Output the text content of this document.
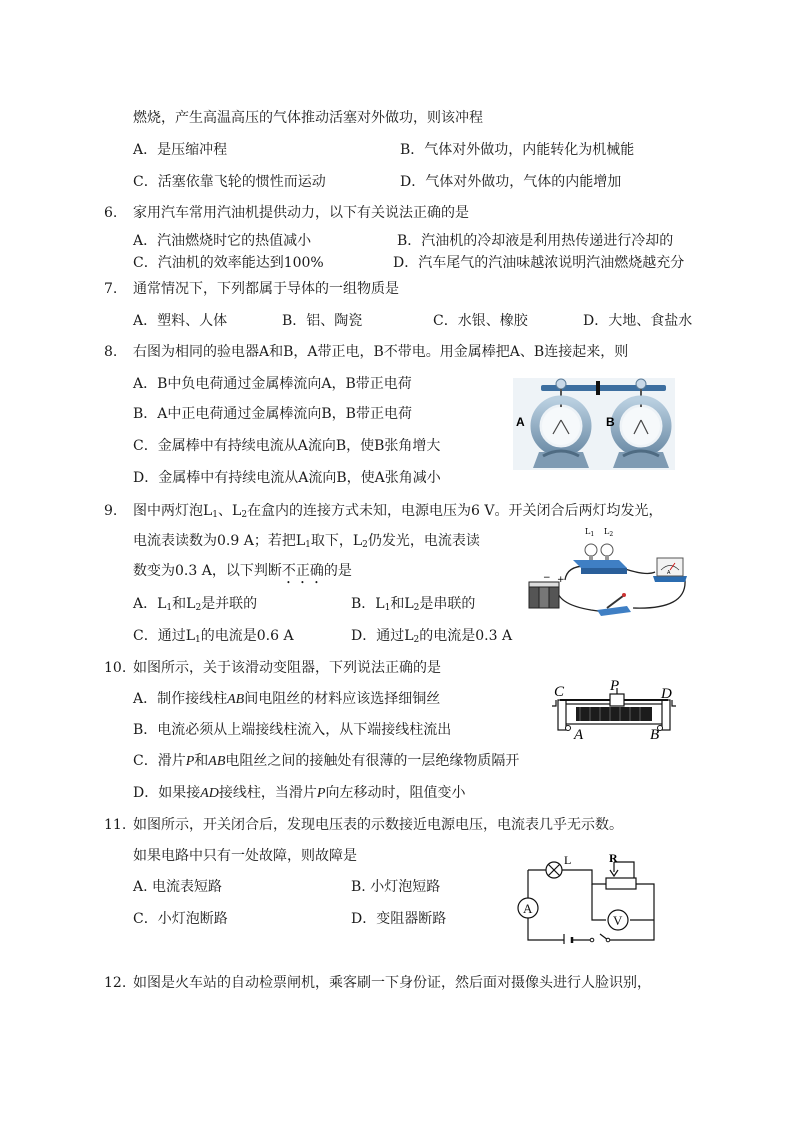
燃烧，产生高温高压的气体推动活塞对外做功，则该冲程
A．是压缩冲程	B．气体对外做功，内能转化为机械能
C．活塞依靠飞轮的惯性而运动	D．气体对外做功，气体的内能增加
6. 家用汽车常用汽油机提供动力，以下有关说法正确的是
A．汽油燃烧时它的热值减小	B．汽油机的冷却液是利用热传递进行冷却的
C．汽油机的效率能达到100%	D．汽车尾气的汽油味越浓说明汽油燃烧越充分
7. 通常情况下，下列都属于导体的一组物质是
A．塑料、人体	B．铝、陶瓷	C．水银、橡胶	D．大地、食盐水
8. 右图为相同的验电器A和B，A带正电，B不带电。用金属棒把A、B连接起来，则
A．B中负电荷通过金属棒流向A，B带正电荷
B．A中正电荷通过金属棒流向B，B带正电荷
C．金属棒中有持续电流从A流向B，使B张角增大
D．金属棒中有持续电流从A流向B，使A张角减小
A	B
9. 图中两灯泡$L_1$、$L_2$在盒内的连接方式未知，电源电压为6 V。开关闭合后两灯均发光，
电流表读数为0.9 A；若把$L_1$取下，$L_2$仍发光，电流表读
数变为0.3 A，以下判断不正确的是
A．$L_1$和$L_2$是并联的	B．$L_1$和$L_2$是串联的
C．通过$L_1$的电流是0.6 A	D．通过$L_2$的电流是0.3 A
$L_1$ $L_2$
A
+
−
10. 如图所示，关于该滑动变阻器，下列说法正确的是
A．制作接线柱AB间电阻丝的材料应该选择细铜丝
B．电流必须从上端接线柱流入，从下端接线柱流出
C．滑片P和AB电阻丝之间的接触处有很薄的一层绝缘物质隔开
D．如果接AD接线柱，当滑片P向左移动时，阻值变小
C	P	D
A	B
11. 如图所示，开关闭合后，发现电压表的示数接近电源电压，电流表几乎无示数。
如果电路中只有一处故障，则故障是
A. 电流表短路	B. 小灯泡短路
C．小灯泡断路	D．变阻器断路
L	R
A
V
12. 如图是火车站的自动检票闸机，乘客刷一下身份证，然后面对摄像头进行人脸识别，
